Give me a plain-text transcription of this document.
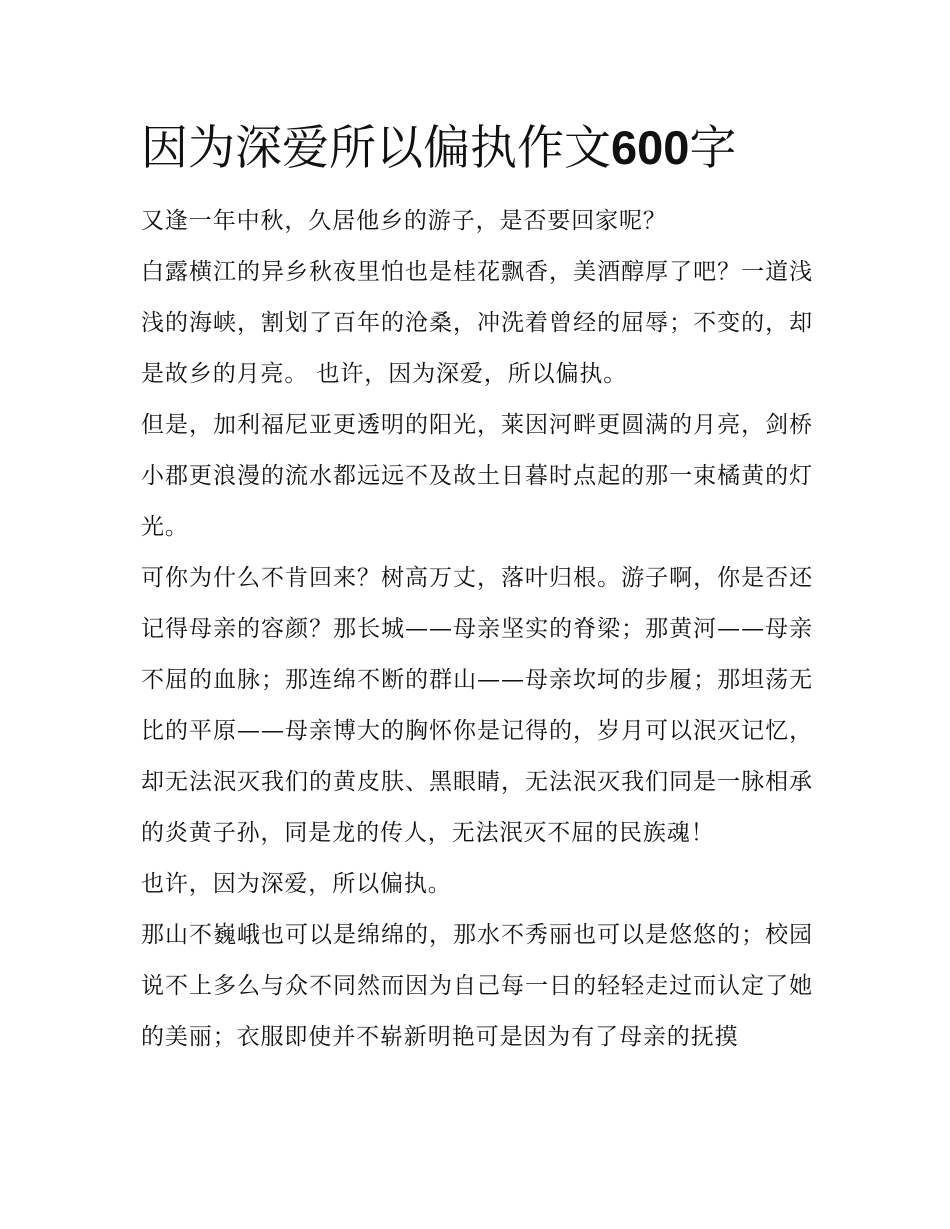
因为深爱所以偏执作文600字

又逢一年中秋，久居他乡的游子，是否要回家呢？

白露横江的异乡秋夜里怕也是桂花飘香，美酒醇厚了吧？一道浅浅的海峡，割划了百年的沧桑，冲洗着曾经的屈辱；不变的，却是故乡的月亮。 也许，因为深爱，所以偏执。

但是，加利福尼亚更透明的阳光，莱因河畔更圆满的月亮，剑桥小郡更浪漫的流水都远远不及故土日暮时点起的那一束橘黄的灯光。

可你为什么不肯回来？树高万丈，落叶归根。游子啊，你是否还记得母亲的容颜？那长城——母亲坚实的脊梁；那黄河——母亲不屈的血脉；那连绵不断的群山——母亲坎坷的步履；那坦荡无比的平原——母亲博大的胸怀你是记得的，岁月可以泯灭记忆，却无法泯灭我们的黄皮肤、黑眼睛，无法泯灭我们同是一脉相承的炎黄子孙，同是龙的传人，无法泯灭不屈的民族魂！

也许，因为深爱，所以偏执。

那山不巍峨也可以是绵绵的，那水不秀丽也可以是悠悠的；校园说不上多么与众不同然而因为自己每一日的轻轻走过而认定了她的美丽；衣服即使并不崭新明艳可是因为有了母亲的抚摸
